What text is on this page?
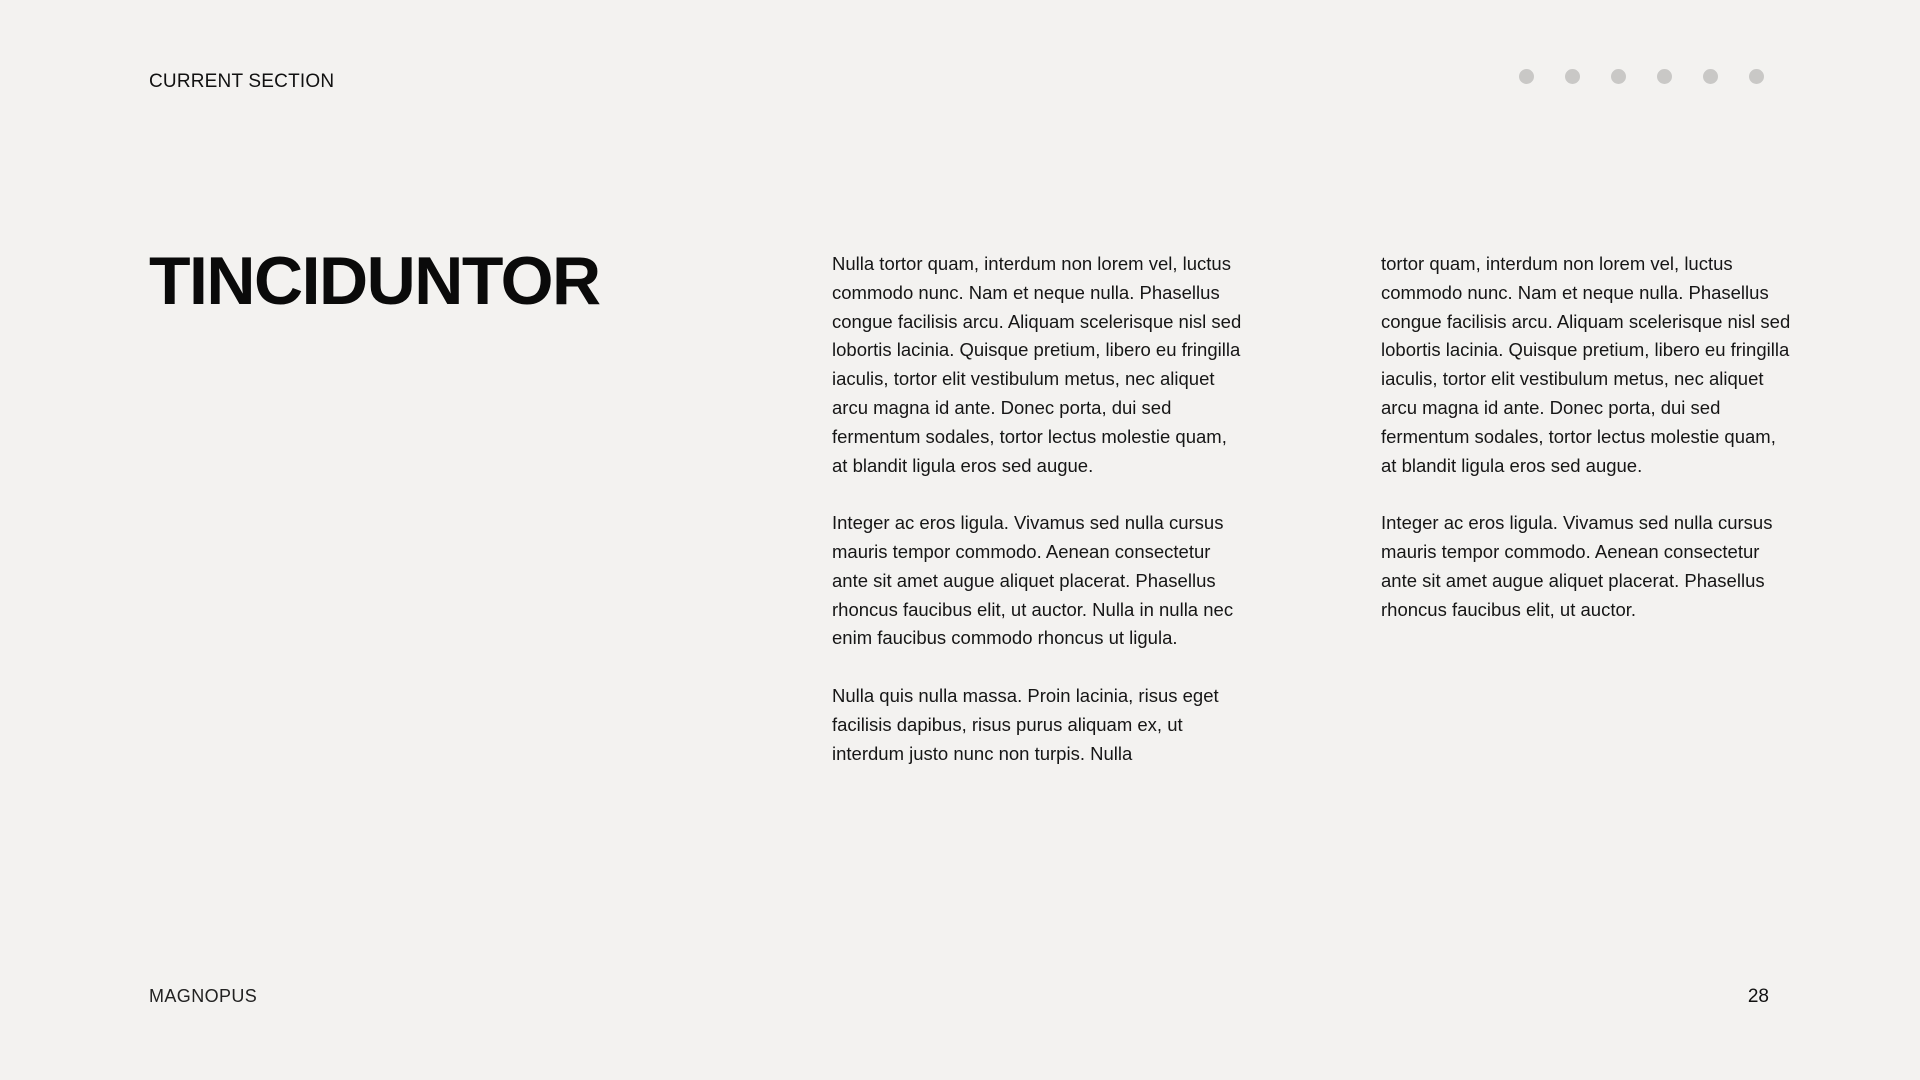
CURRENT SECTION
TINCIDUNTOR	Nulla tortor quam, interdum non lorem vel, luctus commodo nunc. Nam et neque nulla. Phasellus congue facilisis arcu. Aliquam scelerisque nisl sed lobortis lacinia. Quisque pretium, libero eu fringilla iaculis, tortor elit vestibulum metus, nec aliquet arcu magna id ante. Donec porta, dui sed fermentum sodales, tortor lectus molestie quam, at blandit ligula eros sed augue.

Integer ac eros ligula. Vivamus sed nulla cursus mauris tempor commodo. Aenean consectetur ante sit amet augue aliquet placerat. Phasellus rhoncus faucibus elit, ut auctor. Nulla in nulla nec enim faucibus commodo rhoncus ut ligula.

Nulla quis nulla massa. Proin lacinia, risus eget facilisis dapibus, risus purus aliquam ex, ut interdum justo nunc non turpis. Nulla

tortor quam, interdum non lorem vel, luctus commodo nunc. Nam et neque nulla. Phasellus congue facilisis arcu. Aliquam scelerisque nisl sed lobortis lacinia. Quisque pretium, libero eu fringilla iaculis, tortor elit vestibulum metus, nec aliquet arcu magna id ante. Donec porta, dui sed fermentum sodales, tortor lectus molestie quam, at blandit ligula eros sed augue.

Integer ac eros ligula. Vivamus sed nulla cursus mauris tempor commodo. Aenean consectetur ante sit amet augue aliquet placerat. Phasellus rhoncus faucibus elit, ut auctor.

MAGNOPUS	28
